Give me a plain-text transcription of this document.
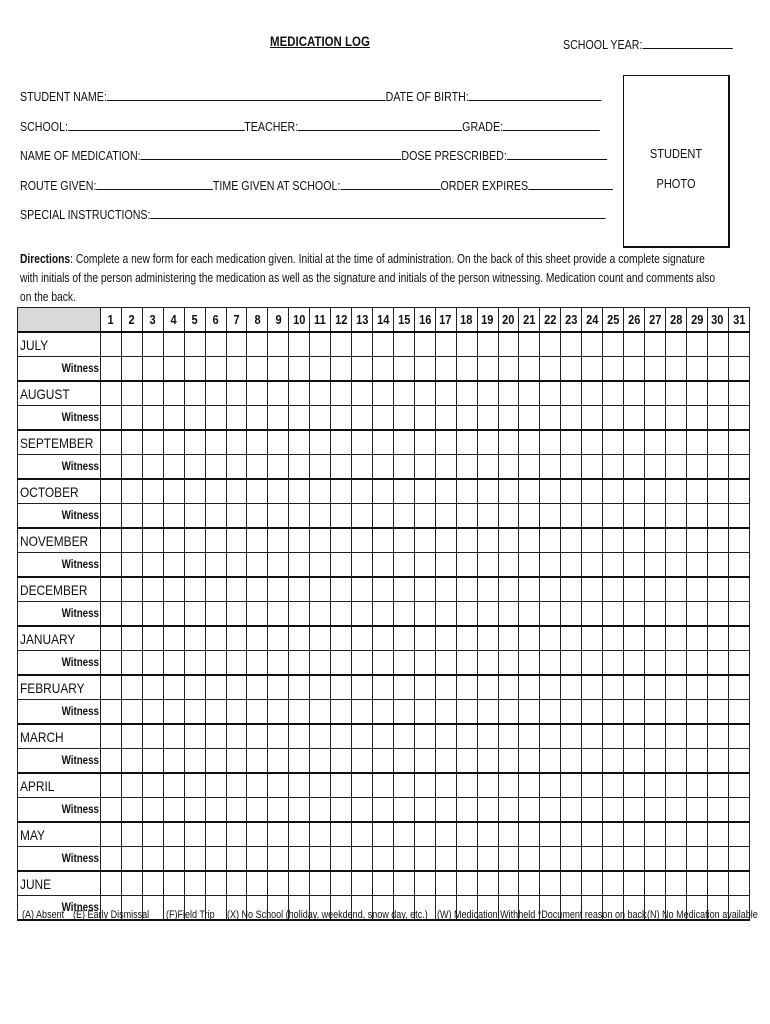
MEDICATION LOG	SCHOOL YEAR:
STUDENT NAME:	DATE OF BIRTH:
SCHOOL:	TEACHER:	GRADE:
NAME OF MEDICATION:	DOSE PRESCRIBED:
ROUTE GIVEN:	TIME GIVEN AT SCHOOL:	ORDER EXPIRES
SPECIAL INSTRUCTIONS:
STUDENT
PHOTO
Directions: Complete a new form for each medication given. Initial at the time of administration. On the back of this sheet provide a complete signature with initials of the person administering the medication as well as the signature and initials of the person witnessing. Medication count and comments also on the back.
	1	2	3	4	5	6	7	8	9	10	11	12	13	14	15	16	17	18	19	20	21	22	23	24	25	26	27	28	29	30	31
JULY																															
Witness																															
AUGUST																															
Witness																															
SEPTEMBER																															
Witness																															
OCTOBER																															
Witness																															
NOVEMBER																															
Witness																															
DECEMBER																															
Witness																															
JANUARY																															
Witness																															
FEBRUARY																															
Witness																															
MARCH																															
Witness																															
APRIL																															
Witness																															
MAY																															
Witness																															
JUNE																															
Witness																															
(A) Absent (E) Early Dismissal (F)Field Trip (X) No School (holiday, weekdend, snow day, etc.) (W) Medication Withheld *Document reason on back (N) No Medication available
